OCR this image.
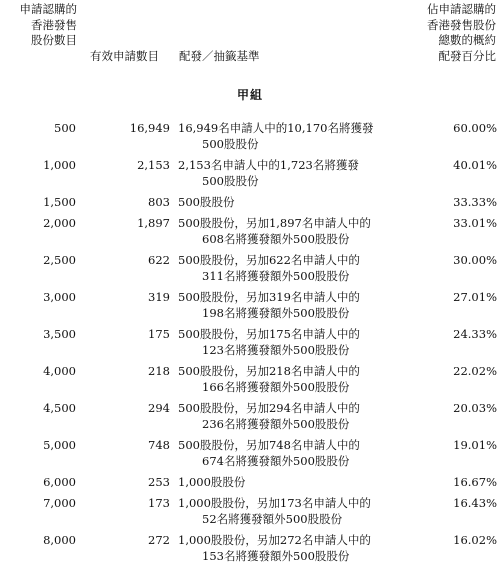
申請認購的
香港發售
股份數目
有效申請數目 配發／抽籤基準
佔申請認購的
香港發售股份
總數的概約
配發百分比
甲組
500	16,949 16,949名申請人中的10,170名將獲發
500股股份
60.00%
1,000	2,153 2,153名申請人中的1,723名將獲發
500股股份
40.01%
1,500	803 500股股份	33.33%
2,000	1,897 500股股份，另加1,897名申請人中的
608名將獲發額外500股股份
33.01%
2,500	622 500股股份，另加622名申請人中的
311名將獲發額外500股股份
30.00%
3,000	319 500股股份，另加319名申請人中的
198名將獲發額外500股股份
27.01%
3,500	175 500股股份，另加175名申請人中的
123名將獲發額外500股股份
24.33%
4,000	218 500股股份，另加218名申請人中的
166名將獲發額外500股股份
22.02%
4,500	294 500股股份，另加294名申請人中的
236名將獲發額外500股股份
20.03%
5,000	748 500股股份，另加748名申請人中的
674名將獲發額外500股股份
19.01%
6,000	253 1,000股股份	16.67%
7,000	173 1,000股股份，另加173名申請人中的
52名將獲發額外500股股份
16.43%
8,000	272 1,000股股份，另加272名申請人中的
153名將獲發額外500股股份
16.02%
